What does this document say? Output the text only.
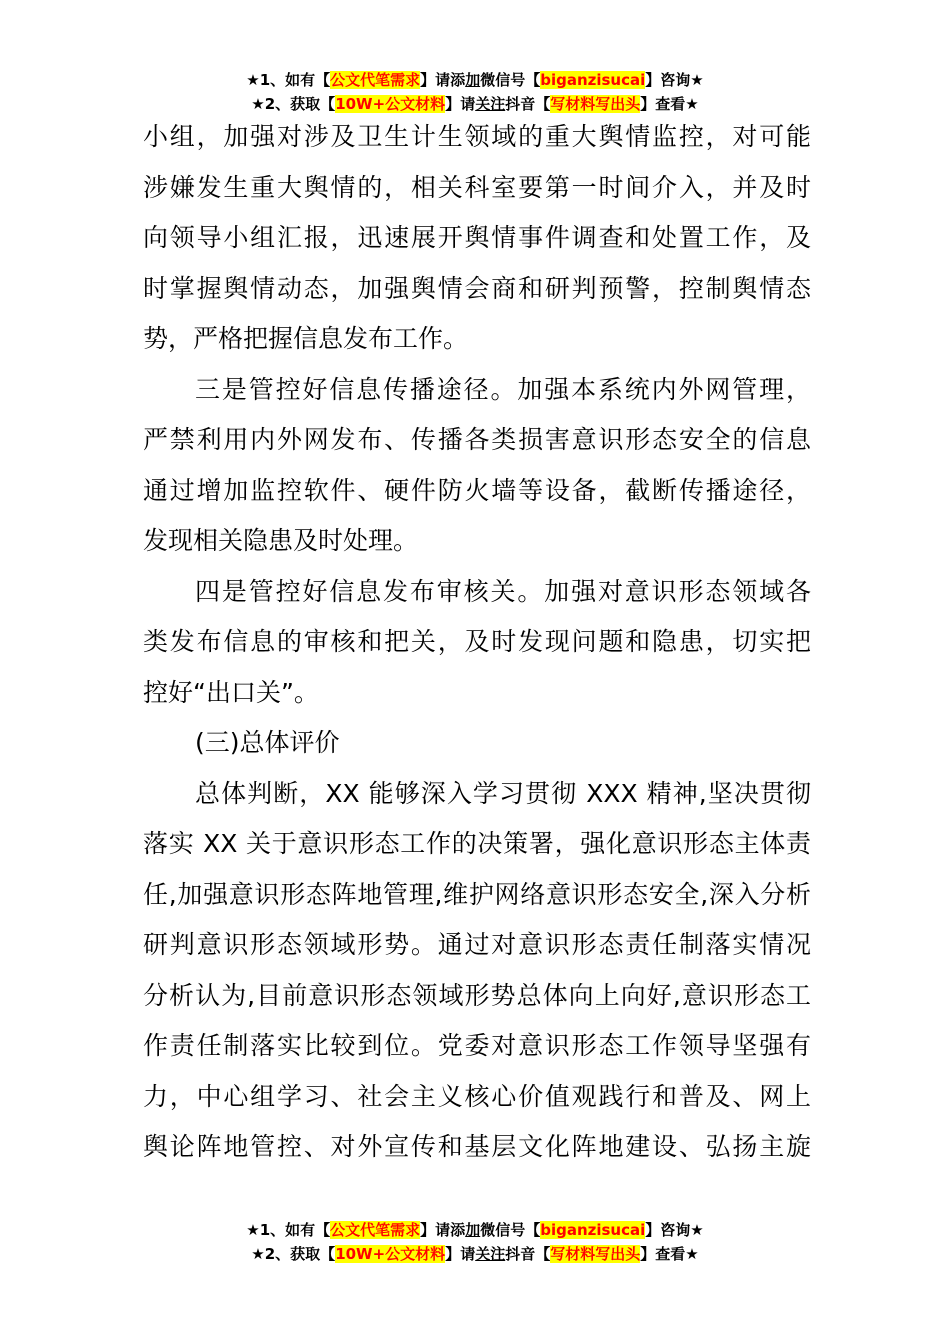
★1、如有【公文代笔需求】请添加微信号【biganzisucai】咨询★
★2、获取【10W+公文材料】请关注抖音【写材料写出头】查看★
小组，加强对涉及卫生计生领域的重大舆情监控，对可能
涉嫌发生重大舆情的，相关科室要第一时间介入，并及时
向领导小组汇报，迅速展开舆情事件调查和处置工作，及
时掌握舆情动态，加强舆情会商和研判预警，控制舆情态
势，严格把握信息发布工作。
三是管控好信息传播途径。加强本系统内外网管理，
严禁利用内外网发布、传播各类损害意识形态安全的信息
通过增加监控软件、硬件防火墙等设备，截断传播途径，
发现相关隐患及时处理。
四是管控好信息发布审核关。加强对意识形态领域各
类发布信息的审核和把关，及时发现问题和隐患，切实把
控好“出口关”。
(三)总体评价
总体判断，XX 能够深入学习贯彻 XXX 精神,坚决贯彻
落实 XX 关于意识形态工作的决策署，强化意识形态主体责
任,加强意识形态阵地管理,维护网络意识形态安全,深入分析
研判意识形态领域形势。通过对意识形态责任制落实情况
分析认为,目前意识形态领域形势总体向上向好,意识形态工
作责任制落实比较到位。党委对意识形态工作领导坚强有
力，中心组学习、社会主义核心价值观践行和普及、网上
舆论阵地管控、对外宣传和基层文化阵地建设、弘扬主旋
★1、如有【公文代笔需求】请添加微信号【biganzisucai】咨询★
★2、获取【10W+公文材料】请关注抖音【写材料写出头】查看★
